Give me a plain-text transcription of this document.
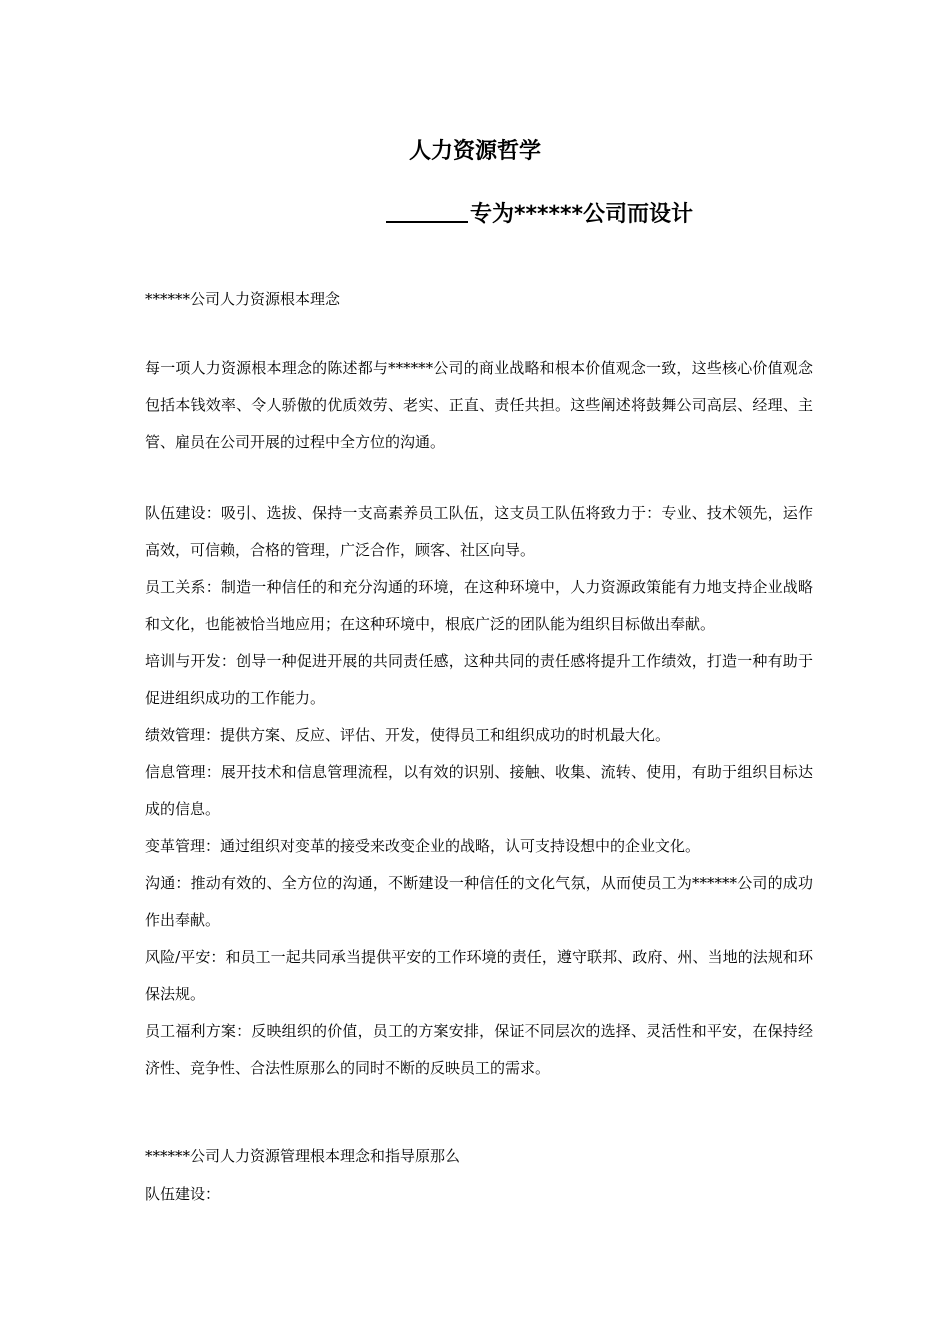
人力资源哲学
专为******公司而设计
******公司人力资源根本理念
每一项人力资源根本理念的陈述都与******公司的商业战略和根本价值观念一致，这些核心价值观念包括本钱效率、令人骄傲的优质效劳、老实、正直、责任共担。这些阐述将鼓舞公司高层、经理、主管、雇员在公司开展的过程中全方位的沟通。

队伍建设：吸引、选拔、保持一支高素养员工队伍，这支员工队伍将致力于：专业、技术领先，运作高效，可信赖，合格的管理，广泛合作，顾客、社区向导。

员工关系：制造一种信任的和充分沟通的环境，在这种环境中，人力资源政策能有力地支持企业战略和文化，也能被恰当地应用；在这种环境中，根底广泛的团队能为组织目标做出奉献。

培训与开发：创导一种促进开展的共同责任感，这种共同的责任感将提升工作绩效，打造一种有助于促进组织成功的工作能力。

绩效管理：提供方案、反应、评估、开发，使得员工和组织成功的时机最大化。

信息管理：展开技术和信息管理流程，以有效的识别、接触、收集、流转、使用，有助于组织目标达成的信息。

变革管理：通过组织对变革的接受来改变企业的战略，认可支持设想中的企业文化。

沟通：推动有效的、全方位的沟通，不断建设一种信任的文化气氛，从而使员工为******公司的成功作出奉献。

风险/平安：和员工一起共同承当提供平安的工作环境的责任，遵守联邦、政府、州、当地的法规和环保法规。

员工福利方案：反映组织的价值，员工的方案安排，保证不同层次的选择、灵活性和平安，在保持经济性、竞争性、合法性原那么的同时不断的反映员工的需求。

******公司人力资源管理根本理念和指导原那么
队伍建设：
